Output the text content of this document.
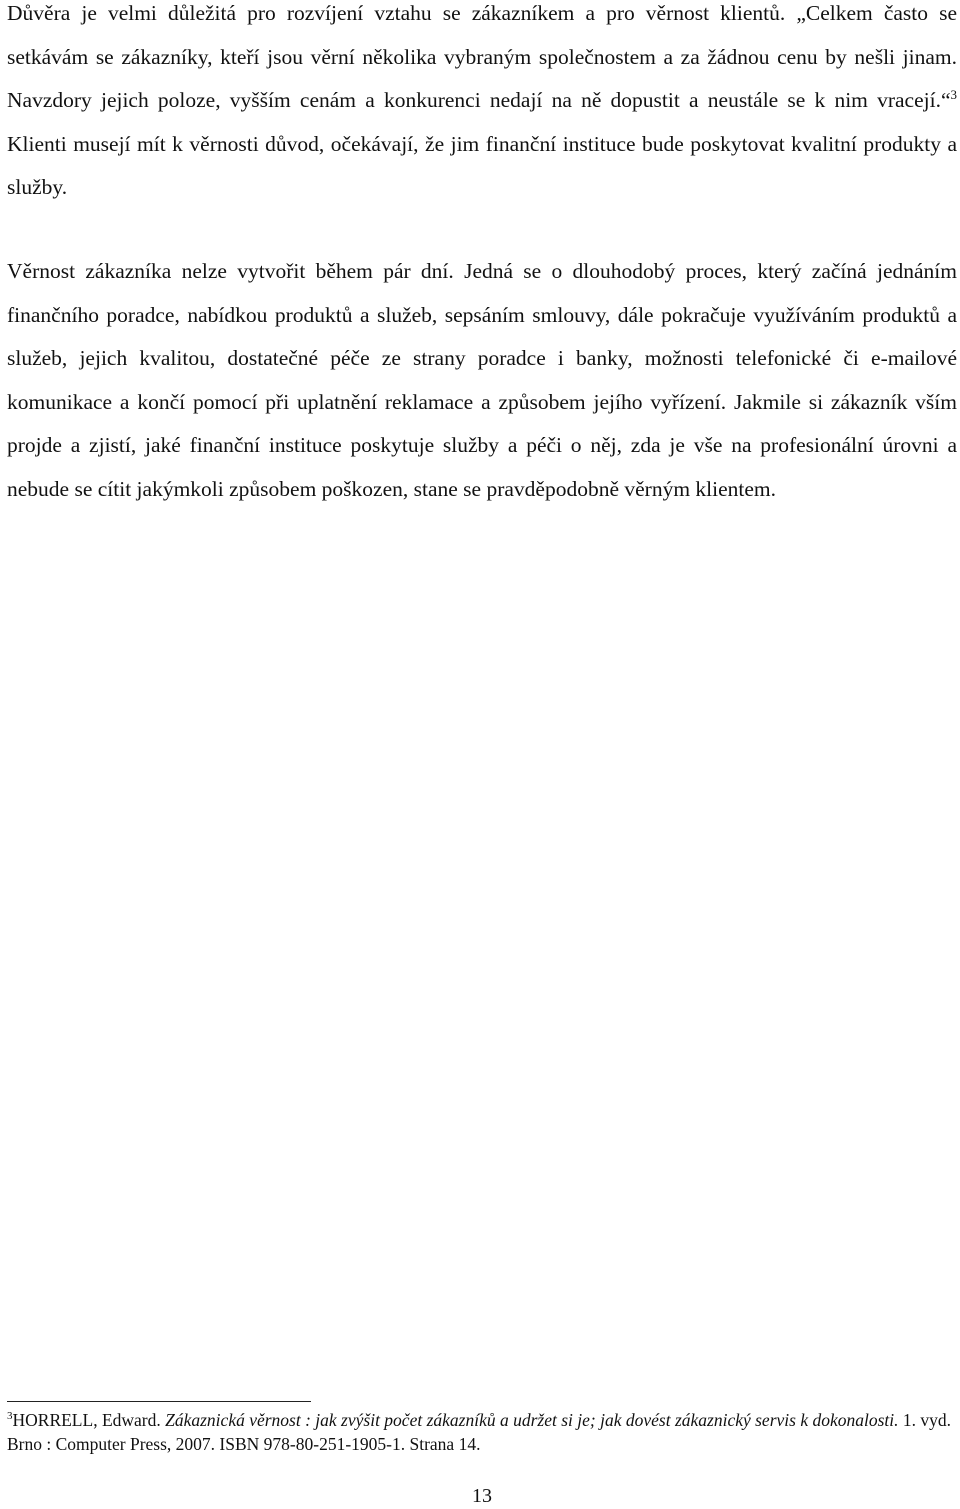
Důvěra je velmi důležitá pro rozvíjení vztahu se zákazníkem a pro věrnost klientů. „Celkem často se setkávám se zákazníky, kteří jsou věrní několika vybraným společnostem a za žádnou cenu by nešli jinam. Navzdory jejich poloze, vyšším cenám a konkurenci nedají na ně dopustit a neustále se k nim vracejí.“$^3$ Klienti musejí mít k věrnosti důvod, očekávají, že jim finanční instituce bude poskytovat kvalitní produkty a služby.

Věrnost zákazníka nelze vytvořit během pár dní. Jedná se o dlouhodobý proces, který začíná jednáním finančního poradce, nabídkou produktů a služeb, sepsáním smlouvy, dále pokračuje využíváním produktů a služeb, jejich kvalitou, dostatečné péče ze strany poradce i banky, možnosti telefonické či e-mailové komunikace a končí pomocí při uplatnění reklamace a způsobem jejího vyřízení. Jakmile si zákazník vším projde a zjistí, jaké finanční instituce poskytuje služby a péči o něj, zda je vše na profesionální úrovni a nebude se cítit jakýmkoli způsobem poškozen, stane se pravděpodobně věrným klientem.

$^3$HORRELL, Edward. Zákaznická věrnost : jak zvýšit počet zákazníků a udržet si je; jak dovést zákaznický servis k dokonalosti. 1. vyd. Brno : Computer Press, 2007. ISBN 978-80-251-1905-1. Strana 14.

13
